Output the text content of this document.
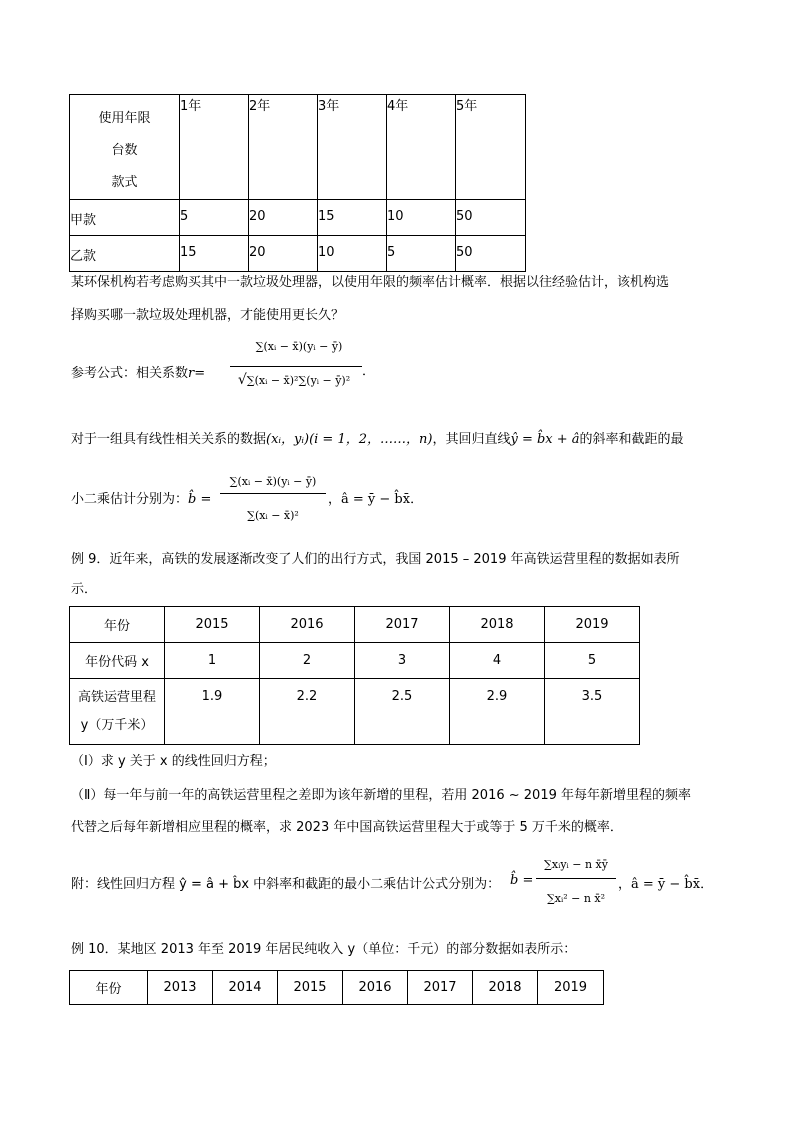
使用年限
台数
款式	1年	2年	3年	4年	5年
甲款	5	20	15	10	50
乙款	15	20	10	5	50
某环保机构若考虑购买其中一款垃圾处理器，以使用年限的频率估计概率．根据以往经验估计，该机构选
择购买哪一款垃圾处理机器，才能使用更长久？
参考公式：相关系数r=
∑(xᵢ − x̄)(yᵢ − ȳ)
√∑(xᵢ − x̄)²∑(yᵢ − ȳ)²
．
对于一组具有线性相关关系的数据(xᵢ，yᵢ)(i = 1，2，……，n)，其回归直线ŷ = b̂x + â的斜率和截距的最
小二乘估计分别为：b̂ =
∑(xᵢ − x̄)(yᵢ − ȳ)
∑(xᵢ − x̄)²
，â = ȳ − b̂x̄．
例 9．近年来，高铁的发展逐渐改变了人们的出行方式，我国 2015 – 2019 年高铁运营里程的数据如表所
示．
年份	2015	2016	2017	2018	2019
年份代码 x	1	2	3	4	5

高铁运营里程
y（万千米）	1.9	2.2	2.5	2.9	3.5
（Ⅰ）求 y 关于 x 的线性回归方程；
（Ⅱ）每一年与前一年的高铁运营里程之差即为该年新增的里程，若用 2016 ~ 2019 年每年新增里程的频率
代替之后每年新增相应里程的概率，求 2023 年中国高铁运营里程大于或等于 5 万千米的概率．
附：线性回归方程 ŷ = â + b̂x 中斜率和截距的最小二乘估计公式分别为： b̂ =
∑xᵢyᵢ − n x̄ȳ
∑xᵢ² − n x̄²
，â = ȳ − b̂x̄．
例 10．某地区 2013 年至 2019 年居民纯收入 y（单位：千元）的部分数据如表所示：
年份	2013	2014	2015	2016	2017	2018	2019
